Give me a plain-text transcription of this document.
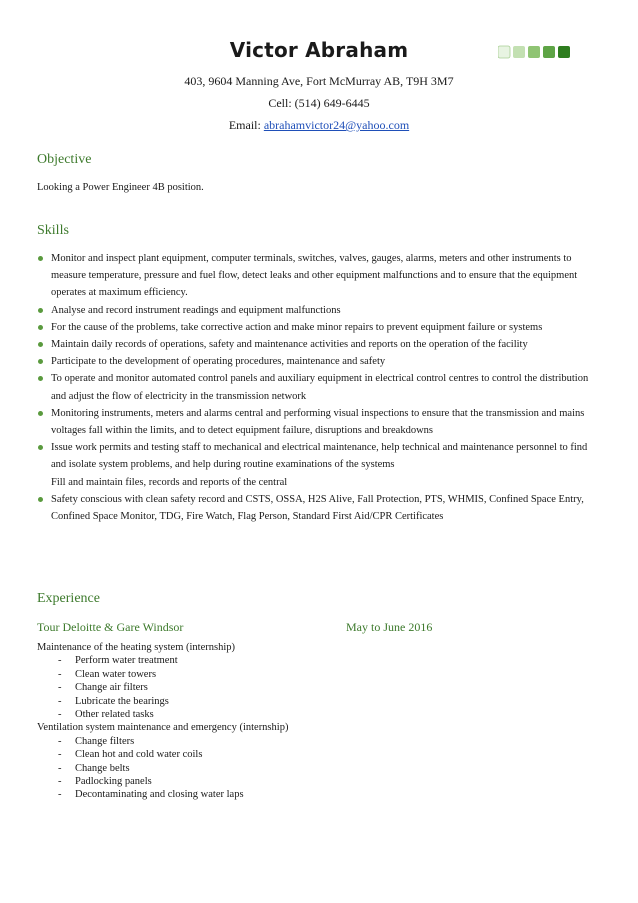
Victor Abraham
403, 9604 Manning Ave, Fort McMurray AB, T9H 3M7
Cell: (514) 649-6445
Email: abrahamvictor24@yahoo.com
Objective
Looking a Power Engineer 4B position.
Skills
Monitor and inspect plant equipment, computer terminals, switches, valves, gauges, alarms, meters and other instruments to measure temperature, pressure and fuel flow, detect leaks and other equipment malfunctions and to ensure that the equipment operates at maximum efficiency.
Analyse and record instrument readings and equipment malfunctions
For the cause of the problems, take corrective action and make minor repairs to prevent equipment failure or systems
Maintain daily records of operations, safety and maintenance activities and reports on the operation of the facility
Participate to the development of operating procedures, maintenance and safety
To operate and monitor automated control panels and auxiliary equipment in electrical control centres to control the distribution and adjust the flow of electricity in the transmission network
Monitoring instruments, meters and alarms central and performing visual inspections to ensure that the transmission and mains voltages fall within the limits, and to detect equipment failure, disruptions and breakdowns
Issue work permits and testing staff to mechanical and electrical maintenance, help technical and maintenance personnel to find and isolate system problems, and help during routine examinations of the systems
Fill and maintain files, records and reports of the central
Safety conscious with clean safety record and CSTS, OSSA, H2S Alive, Fall Protection, PTS, WHMIS, Confined Space Entry, Confined Space Monitor, TDG, Fire Watch, Flag Person, Standard First Aid/CPR Certificates
Experience
Tour Deloitte & Gare Windsor	May to June 2016
Maintenance of the heating system (internship)
- Perform water treatment
- Clean water towers
- Change air filters
- Lubricate the bearings
- Other related tasks
Ventilation system maintenance and emergency (internship)
- Change filters
- Clean hot and cold water coils
- Change belts
- Padlocking panels
- Decontaminating and closing water laps
